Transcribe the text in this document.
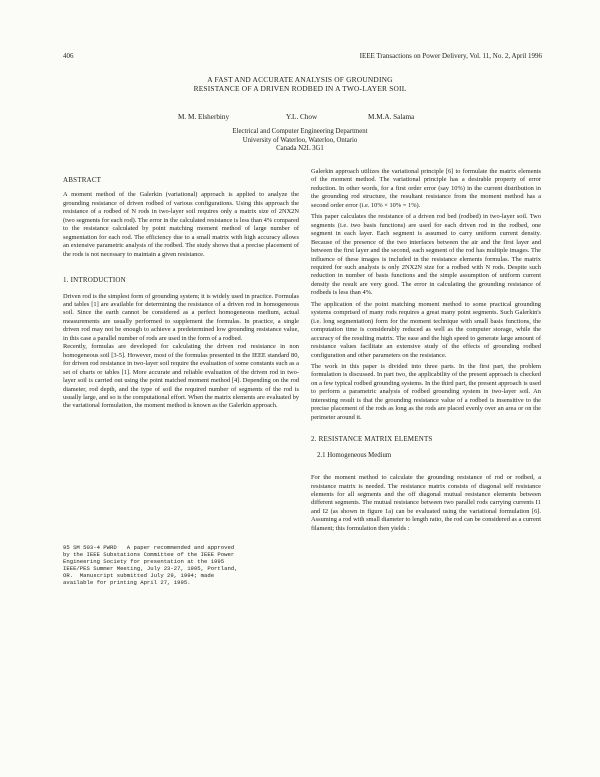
406	IEEE Transactions on Power Delivery, Vol. 11, No. 2, April 1996
A FAST AND ACCURATE ANALYSIS OF GROUNDING
RESISTANCE OF A DRIVEN RODBED IN A TWO-LAYER SOIL
M. M. Elsherbiny	Y.L. Chow	M.M.A. Salama
Electrical and Computer Engineering Department
University of Waterloo, Waterloo, Ontario
Canada N2L 3G1
ABSTRACT

A moment method of the Galerkin (variational) approach is applied to analyze the grounding resistance of driven rodbed of various configurations. Using this approach the resistance of a rodbed of N rods in two-layer soil requires only a matrix size of 2NX2N (two segments for each rod). The error in the calculated resistance is less than 4% compared to the resistance calculated by point matching moment method of large number of segmentation for each rod. The efficiency due to a small matrix with high accuracy allows an extensive parametric analysis of the rodbed. The study shows that a precise placement of the rods is not necessary to maintain a given resistance.

1. INTRODUCTION

Driven rod is the simplest form of grounding system; it is widely used in practice. Formulas and tables [1] are available for determining the resistance of a driven rod in homogeneous soil. Since the earth cannot be considered as a perfect homogeneous medium, actual measurements are usually performed to supplement the formulas. In practice, a single driven rod may not be enough to achieve a predetermined low grounding resistance value, in this case a parallel number of rods are used in the form of a rodbed.

Recently, formulas are developed for calculating the driven rod resistance in non homogeneous soil [3-5]. However, most of the formulas presented in the IEEE standard 80, for driven rod resistance in two-layer soil require the evaluation of some constants such as a set of charts or tables [1]. More accurate and reliable evaluation of the driven rod in two-layer soil is carried out using the point matched moment method [4]. Depending on the rod diameter, rod depth, and the type of soil the required number of segments of the rod is usually large, and so is the computational effort. When the matrix elements are evaluated by the variational formulation, the moment method is known as the Galerkin approach.

95 SM 503-4 PWRD   A paper recommended and approved
by the IEEE Substations Committee of the IEEE Power
Engineering Society for presentation at the 1995
IEEE/PES Summer Meeting, July 23-27, 1995, Portland,
OR.  Manuscript submitted July 29, 1994; made
available for printing April 27, 1995.

Galerkin approach utilizes the variational principle [6] to formulate the matrix elements of the moment method. The variational principle has a desirable property of error reduction. In other words, for a first order error (say 10%) in the current distribution in the grounding rod structure, the resultant resistance from the moment method has a second order error (i.e. 10% × 10% = 1%).

This paper calculates the resistance of a driven rod bed (rodbed) in two-layer soil. Two segments (i.e. two basis functions) are used for each driven rod in the rodbed, one segment in each layer. Each segment is assumed to carry uniform current density. Because of the presence of the two interfaces between the air and the first layer and between the first layer and the second, each segment of the rod has multiple images. The influence of these images is included in the resistance elements formulas. The matrix required for such analysis is only 2NX2N size for a rodbed with N rods. Despite such reduction in number of basis functions and the simple assumption of uniform current density the result are very good. The error in calculating the grounding resistance of rodbeds is less than 4%.

The application of the point matching moment method to some practical grounding systems comprised of many rods requires a great many point segments. Such Galerkin's (i.e. long segmentation) form for the moment technique with small basis functions, the computation time is considerably reduced as well as the computer storage, while the accuracy of the resulting matrix. The ease and the high speed to generate large amount of resistance values facilitate an extensive study of the effects of grounding rodbed configuration and other parameters on the resistance.

The work in this paper is divided into three parts. In the first part, the problem formulation is discussed. In part two, the applicability of the present approach is checked on a few typical rodbed grounding systems. In the third part, the present approach is used to perform a parametric analysis of rodbed grounding system in two-layer soil. An interesting result is that the grounding resistance value of a rodbed is insensitive to the precise placement of the rods as long as the rods are placed evenly over an area or on the perimeter around it.

2. RESISTANCE MATRIX ELEMENTS
2.1 Homogeneous Medium

For the moment method to calculate the grounding resistance of rod or rodbed, a resistance matrix is needed. The resistance matrix consists of diagonal self resistance elements for all segments and the off diagonal mutual resistance elements between different segments. The mutual resistance between two parallel rods carrying currents I1 and I2 (as shown in figure 1a) can be evaluated using the variational formulation [6]. Assuming a rod with small diameter to length ratio, the rod can be considered as a current filament; this formulation then yields :
